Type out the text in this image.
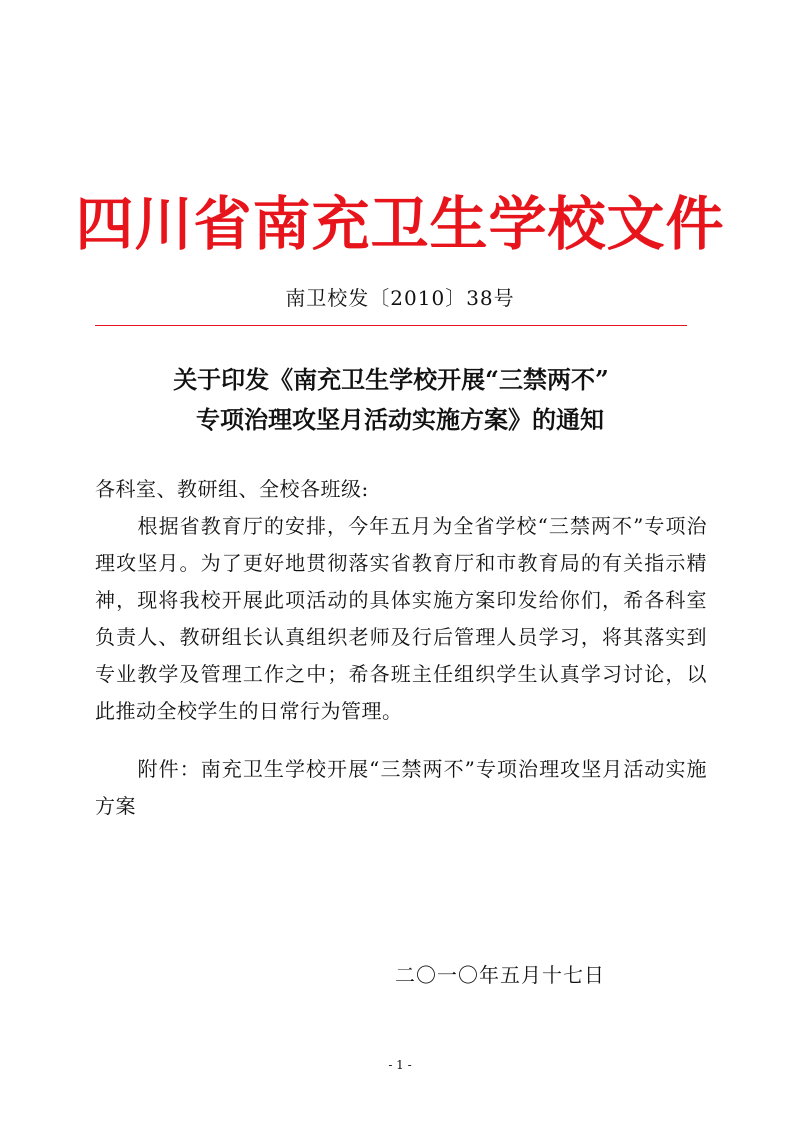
四川省南充卫生学校文件
南卫校发〔2010〕38号
关于印发《南充卫生学校开展“三禁两不”
专项治理攻坚月活动实施方案》的通知
各科室、教研组、全校各班级:
根据省教育厅的安排，今年五月为全省学校“三禁两不”专项治理攻坚月。为了更好地贯彻落实省教育厅和市教育局的有关指示精神，现将我校开展此项活动的具体实施方案印发给你们，希各科室负责人、教研组长认真组织老师及行后管理人员学习，将其落实到专业教学及管理工作之中；希各班主任组织学生认真学习讨论，以此推动全校学生的日常行为管理。
附件：南充卫生学校开展“三禁两不”专项治理攻坚月活动实施方案
二〇一〇年五月十七日
- 1 -
